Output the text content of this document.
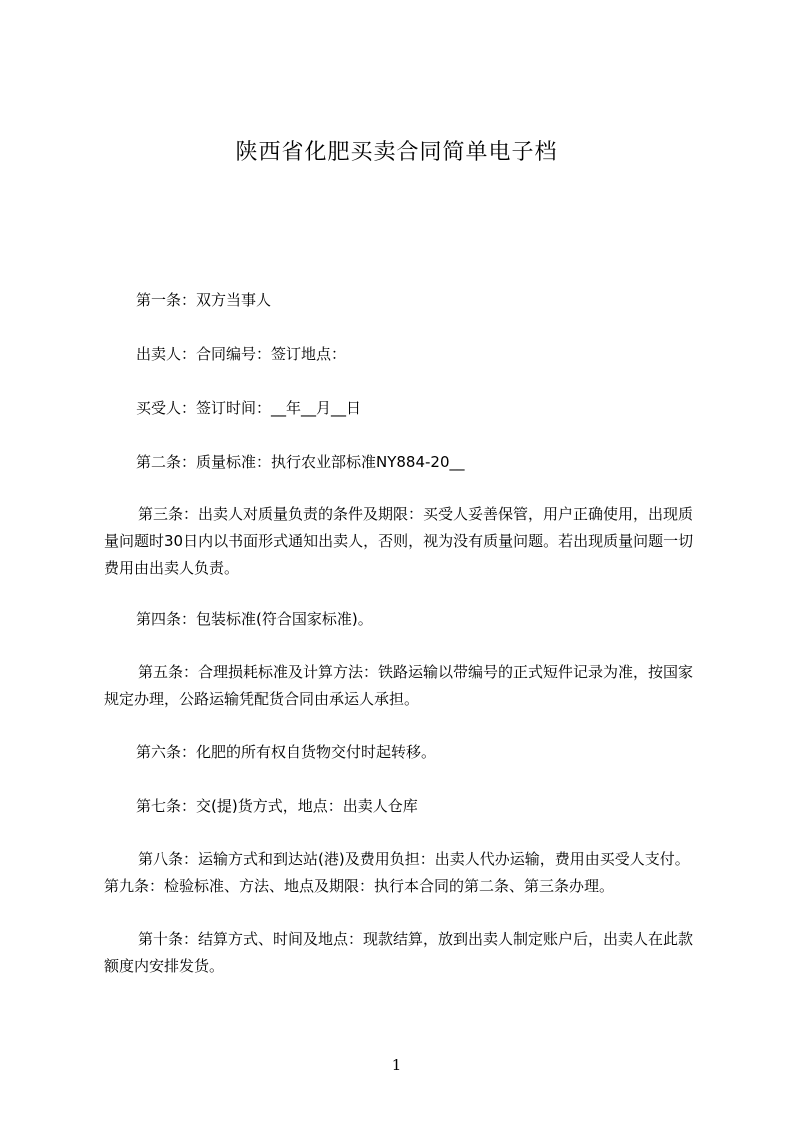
陕西省化肥买卖合同简单电子档

第一条：双方当事人

出卖人：合同编号：签订地点：

买受人：签订时间：__年__月__日

第二条：质量标准：执行农业部标准NY884-20__

第三条：出卖人对质量负责的条件及期限：买受人妥善保管，用户正确使用，出现质量问题时30日内以书面形式通知出卖人，否则，视为没有质量问题。若出现质量问题一切费用由出卖人负责。

第四条：包装标准(符合国家标准)。

第五条：合理损耗标准及计算方法：铁路运输以带编号的正式短件记录为准，按国家规定办理，公路运输凭配货合同由承运人承担。

第六条：化肥的所有权自货物交付时起转移。

第七条：交(提)货方式，地点：出卖人仓库

第八条：运输方式和到达站(港)及费用负担：出卖人代办运输，费用由买受人支付。第九条：检验标准、方法、地点及期限：执行本合同的第二条、第三条办理。

第十条：结算方式、时间及地点：现款结算，放到出卖人制定账户后，出卖人在此款额度内安排发货。

1
